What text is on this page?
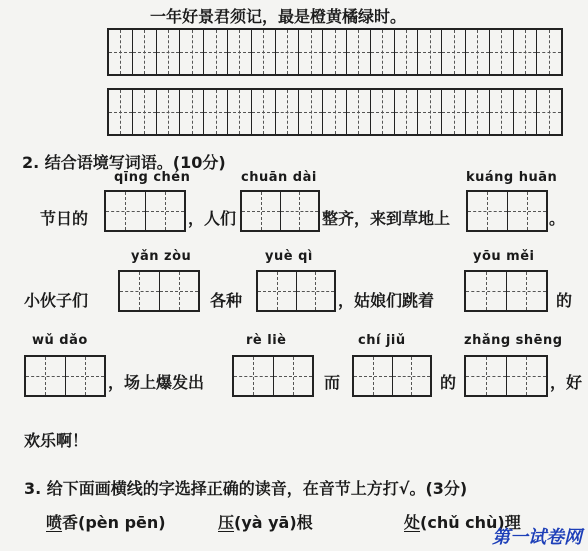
一年好景君须记，最是橙黄橘绿时。
2. 结合语境写词语。(10分)
qīng chén	chuān dài	kuáng huān
节日的	，人们	整齐，来到草地上	。
yǎn zòu	yuè qì	yōu měi
小伙子们	各种	，姑娘们跳着	的
wǔ dǎo	rè liè	chí jiǔ	zhǎng shēng
，场上爆发出	而	的	，好
欢乐啊！
3. 给下面画横线的字选择正确的读音，在音节上方打√。(3分)
喷香(pèn pēn)	压(yà yā)根	处(chǔ chù)理
第一试卷网
